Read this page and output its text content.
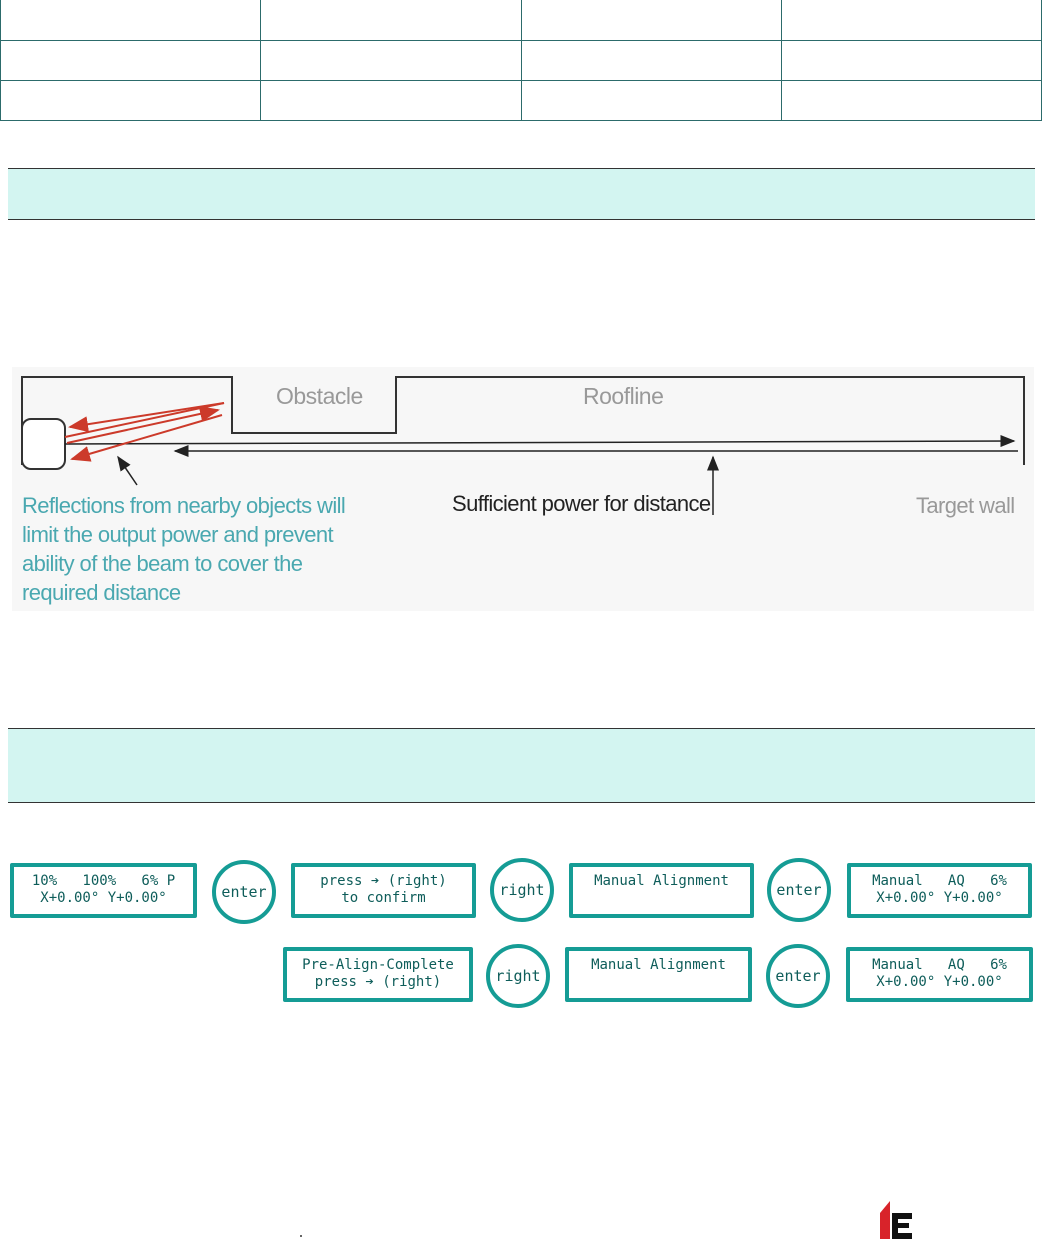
Obstacle	Roofline
Reflections from nearby objects will
limit the output power and prevent
ability of the beam to cover the
required distance
Sufficient power for distance	Target wall
10%   100%   6% P
X+0.00° Y+0.00°	enter
press ➔ (right)
to confirm	right	Manual Alignment	enter	Manual   AQ   6%
X+0.00° Y+0.00°
Pre-Align-Complete
press ➔ (right)	right
Manual Alignment
enter
Manual   AQ   6%
X+0.00° Y+0.00°
